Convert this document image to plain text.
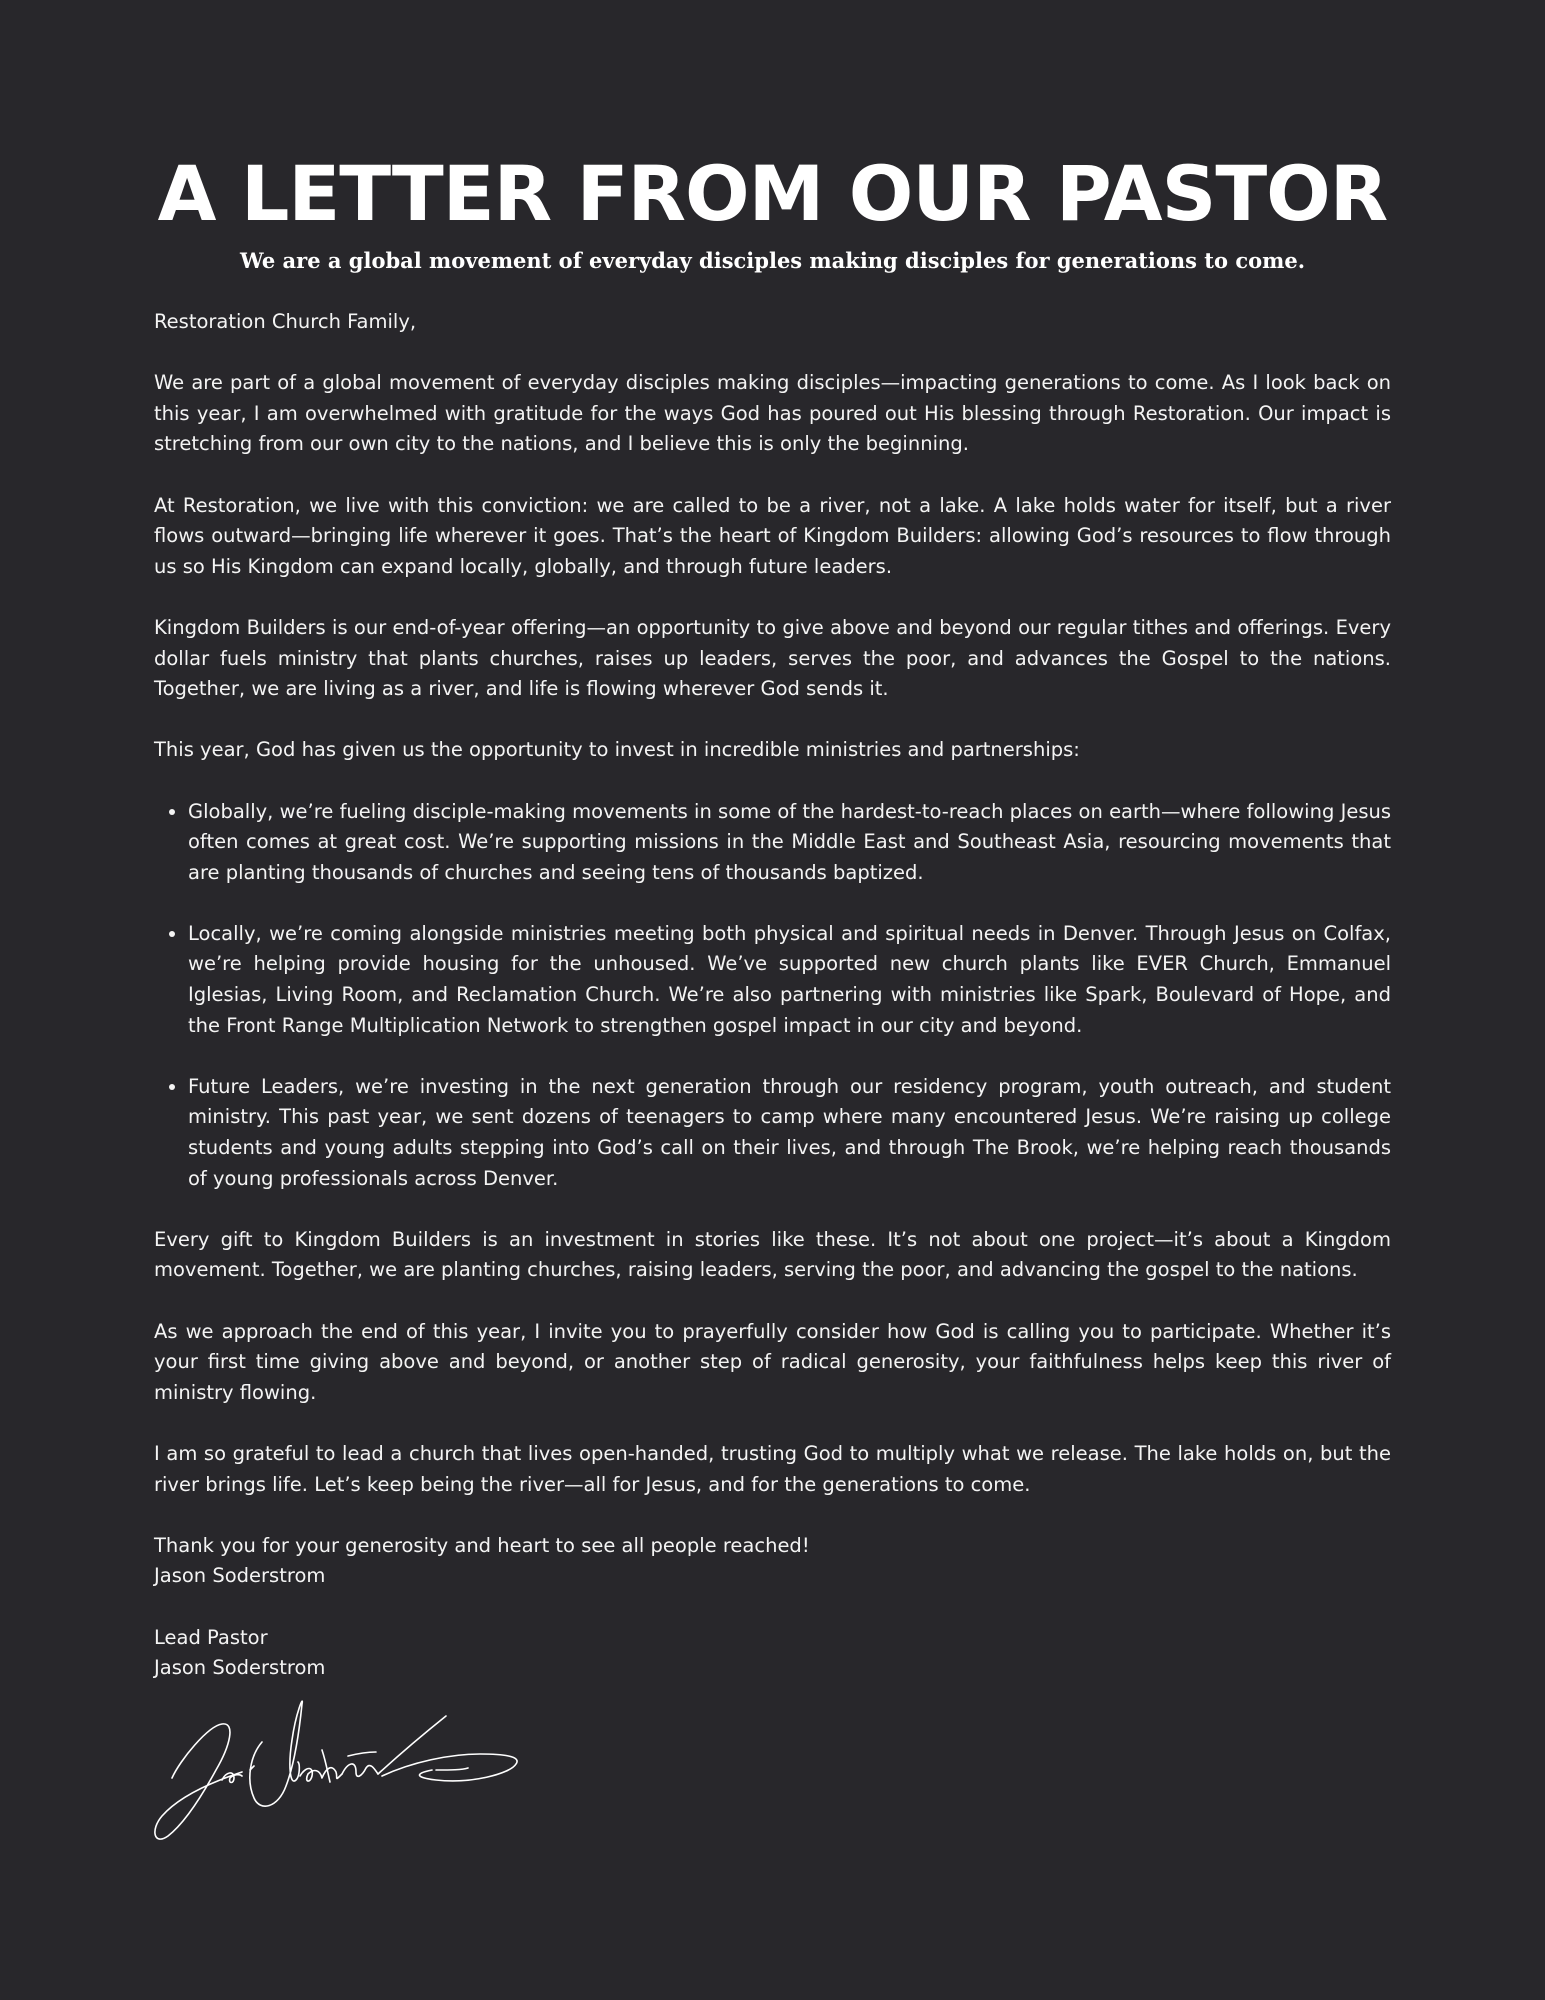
A LETTER FROM OUR PASTOR
We are a global movement of everyday disciples making disciples for generations to come.

Restoration Church Family,

We are part of a global movement of everyday disciples making disciples—impacting generations to come. As I look back on this year, I am overwhelmed with gratitude for the ways God has poured out His blessing through Restoration. Our impact is stretching from our own city to the nations, and I believe this is only the beginning.

At Restoration, we live with this conviction: we are called to be a river, not a lake. A lake holds water for itself, but a river flows outward—bringing life wherever it goes. That’s the heart of Kingdom Builders: allowing God’s resources to flow through us so His Kingdom can expand locally, globally, and through future leaders.

Kingdom Builders is our end-of-year offering—an opportunity to give above and beyond our regular tithes and offerings. Every dollar fuels ministry that plants churches, raises up leaders, serves the poor, and advances the Gospel to the nations. Together, we are living as a river, and life is flowing wherever God sends it.

This year, God has given us the opportunity to invest in incredible ministries and partnerships:

• Globally, we’re fueling disciple-making movements in some of the hardest-to-reach places on earth—where following Jesus often comes at great cost. We’re supporting missions in the Middle East and Southeast Asia, resourcing movements that are planting thousands of churches and seeing tens of thousands baptized.
• Locally, we’re coming alongside ministries meeting both physical and spiritual needs in Denver. Through Jesus on Colfax, we’re helping provide housing for the unhoused. We’ve supported new church plants like EVER Church, Emmanuel Iglesias, Living Room, and Reclamation Church. We’re also partnering with ministries like Spark, Boulevard of Hope, and the Front Range Multiplication Network to strengthen gospel impact in our city and beyond.
• Future Leaders, we’re investing in the next generation through our residency program, youth outreach, and student ministry. This past year, we sent dozens of teenagers to camp where many encountered Jesus. We’re raising up college students and young adults stepping into God’s call on their lives, and through The Brook, we’re helping reach thousands of young professionals across Denver.

Every gift to Kingdom Builders is an investment in stories like these. It’s not about one project—it’s about a Kingdom movement. Together, we are planting churches, raising leaders, serving the poor, and advancing the gospel to the nations.

As we approach the end of this year, I invite you to prayerfully consider how God is calling you to participate. Whether it’s your first time giving above and beyond, or another step of radical generosity, your faithfulness helps keep this river of ministry flowing.

I am so grateful to lead a church that lives open-handed, trusting God to multiply what we release. The lake holds on, but the river brings life. Let’s keep being the river—all for Jesus, and for the generations to come.

Thank you for your generosity and heart to see all people reached!

Jason Soderstrom

Lead Pastor

Jason Soderstrom
